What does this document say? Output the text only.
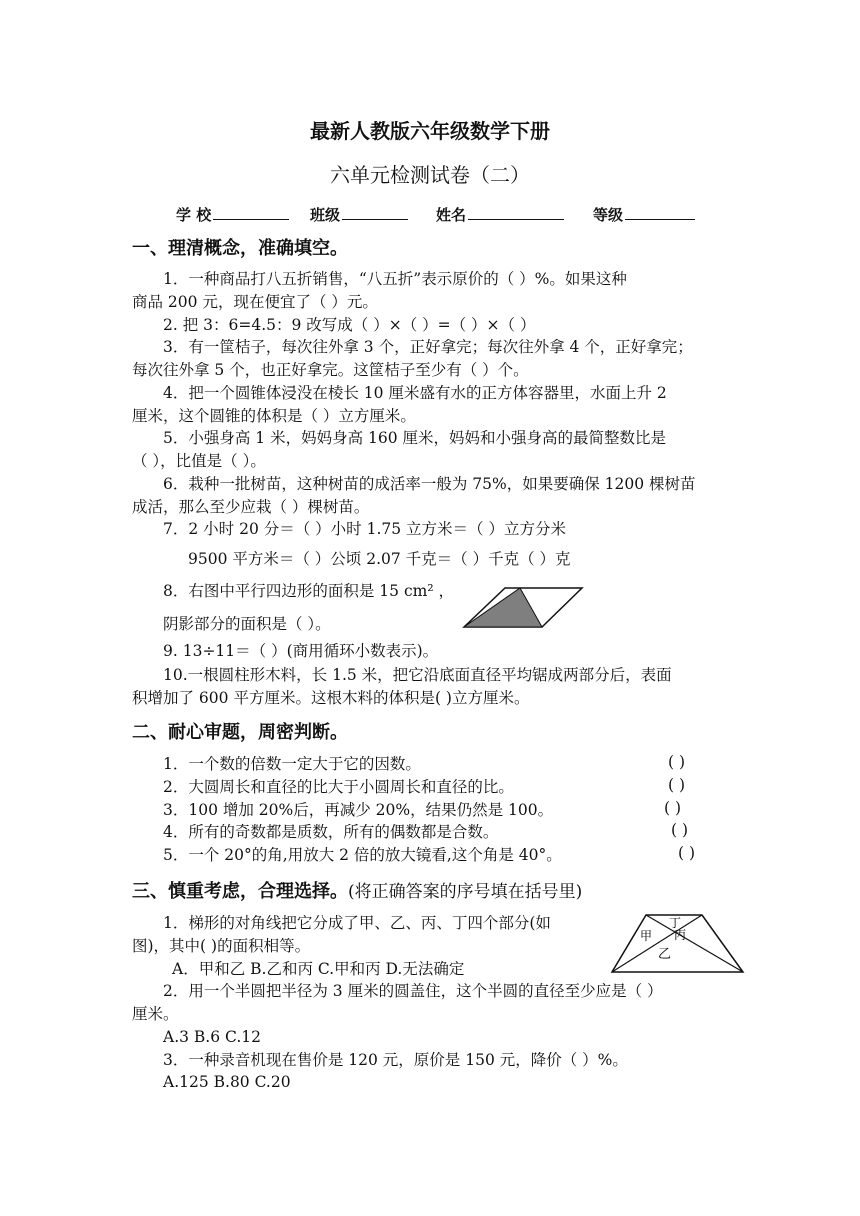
最新人教版六年级数学下册
六单元检测试卷（二）
学 校	班级	姓名	等级
一、理清概念，准确填空。
1．一种商品打八五折销售，“八五折”表示原价的（ ）%。如果这种
商品 200 元，现在便宜了（ ）元。
2. 把 3：6=4.5：9 改写成（ ）×（ ）=（ ）×（ ）
3．有一筐桔子，每次往外拿 3 个，正好拿完；每次往外拿 4 个，正好拿完；
每次往外拿 5 个，也正好拿完。这筐桔子至少有（ ）个。
4．把一个圆锥体浸没在棱长 10 厘米盛有水的正方体容器里，水面上升 2
厘米，这个圆锥的体积是（ ）立方厘米。
5．小强身高 1 米，妈妈身高 160 厘米，妈妈和小强身高的最简整数比是
（ ），比值是（ ）。
6．栽种一批树苗，这种树苗的成活率一般为 75%，如果要确保 1200 棵树苗
成活，那么至少应栽（ ）棵树苗。
7．2 小时 20 分＝（ ）小时 1.75 立方米＝（ ）立方分米
9500 平方米＝（ ）公顷 2.07 千克＝（ ）千克（ ）克
8．右图中平行四边形的面积是 15 cm² ，
阴影部分的面积是（ ）。
9. 13÷11＝（ ）(商用循环小数表示)。
10.一根圆柱形木料，长 1.5 米，把它沿底面直径平均锯成两部分后，表面
积增加了 600 平方厘米。这根木料的体积是( )立方厘米。
二、耐心审题，周密判断。
1．一个数的倍数一定大于它的因数。	( )
2．大圆周长和直径的比大于小圆周长和直径的比。	( )
3．100 增加 20%后，再减少 20%，结果仍然是 100。	( )
4．所有的奇数都是质数，所有的偶数都是合数。	( )
5．一个 20°的角,用放大 2 倍的放大镜看,这个角是 40°。	( )
三、慎重考虑，合理选择。(将正确答案的序号填在括号里)
1．梯形的对角线把它分成了甲、乙、丙、丁四个部分(如
图)，其中( )的面积相等。
丁
甲 丙
乙
A．甲和乙 B.乙和丙 C.甲和丙 D.无法确定
2．用一个半圆把半径为 3 厘米的圆盖住，这个半圆的直径至少应是（ ）
厘米。
A.3 B.6 C.12
3．一种录音机现在售价是 120 元，原价是 150 元，降价（ ）%。
A.125 B.80 C.20
